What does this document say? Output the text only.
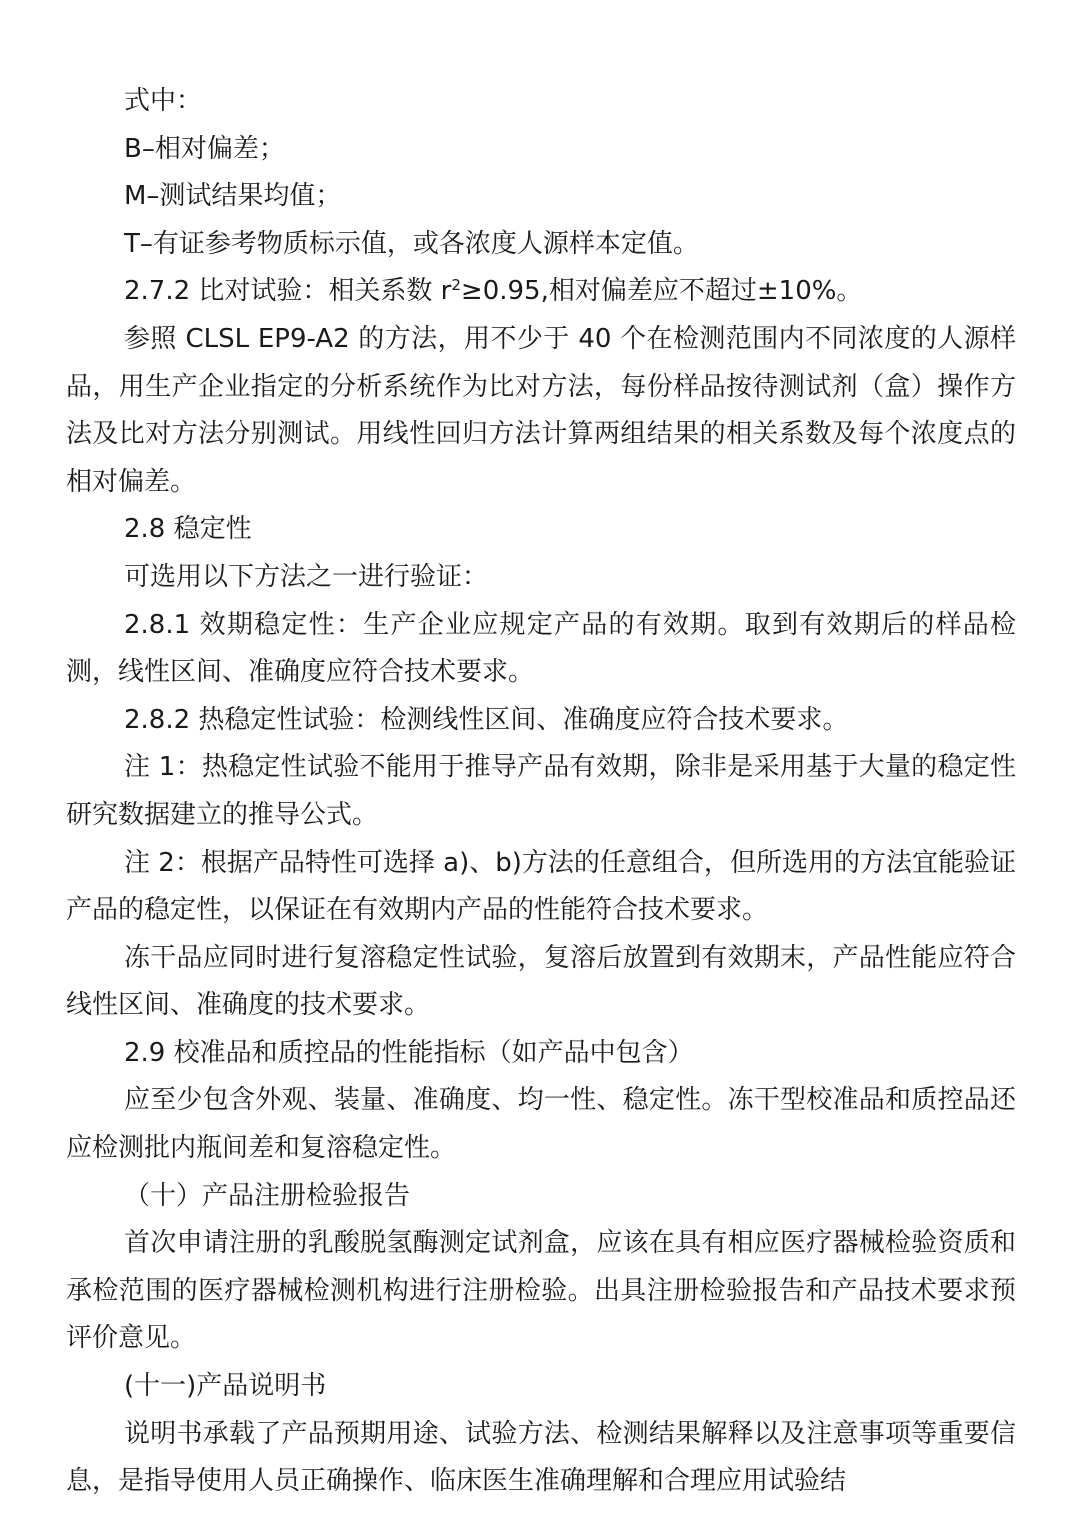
式中：

B–相对偏差；

M–测试结果均值；

T–有证参考物质标示值，或各浓度人源样本定值。

2.7.2 比对试验：相关系数 $r^2\ge 0.95$,相对偏差应不超过±10%。

参照 CLSL EP9-A2 的方法，用不少于 40 个在检测范围内不同浓度的人源样品，用生产企业指定的分析系统作为比对方法，每份样品按待测试剂（盒）操作方法及比对方法分别测试。用线性回归方法计算两组结果的相关系数及每个浓度点的相对偏差。

2.8 稳定性

可选用以下方法之一进行验证：

2.8.1 效期稳定性：生产企业应规定产品的有效期。取到有效期后的样品检测，线性区间、准确度应符合技术要求。

2.8.2 热稳定性试验：检测线性区间、准确度应符合技术要求。

注 1：热稳定性试验不能用于推导产品有效期，除非是采用基于大量的稳定性研究数据建立的推导公式。

注 2：根据产品特性可选择 a)、b)方法的任意组合，但所选用的方法宜能验证产品的稳定性，以保证在有效期内产品的性能符合技术要求。

冻干品应同时进行复溶稳定性试验，复溶后放置到有效期末，产品性能应符合线性区间、准确度的技术要求。

2.9 校准品和质控品的性能指标（如产品中包含）

应至少包含外观、装量、准确度、均一性、稳定性。冻干型校准品和质控品还应检测批内瓶间差和复溶稳定性。

（十）产品注册检验报告

首次申请注册的乳酸脱氢酶测定试剂盒，应该在具有相应医疗器械检验资质和承检范围的医疗器械检测机构进行注册检验。出具注册检验报告和产品技术要求预评价意见。

(十一)产品说明书

说明书承载了产品预期用途、试验方法、检测结果解释以及注意事项等重要信息，是指导使用人员正确操作、临床医生准确理解和合理应用试验结
